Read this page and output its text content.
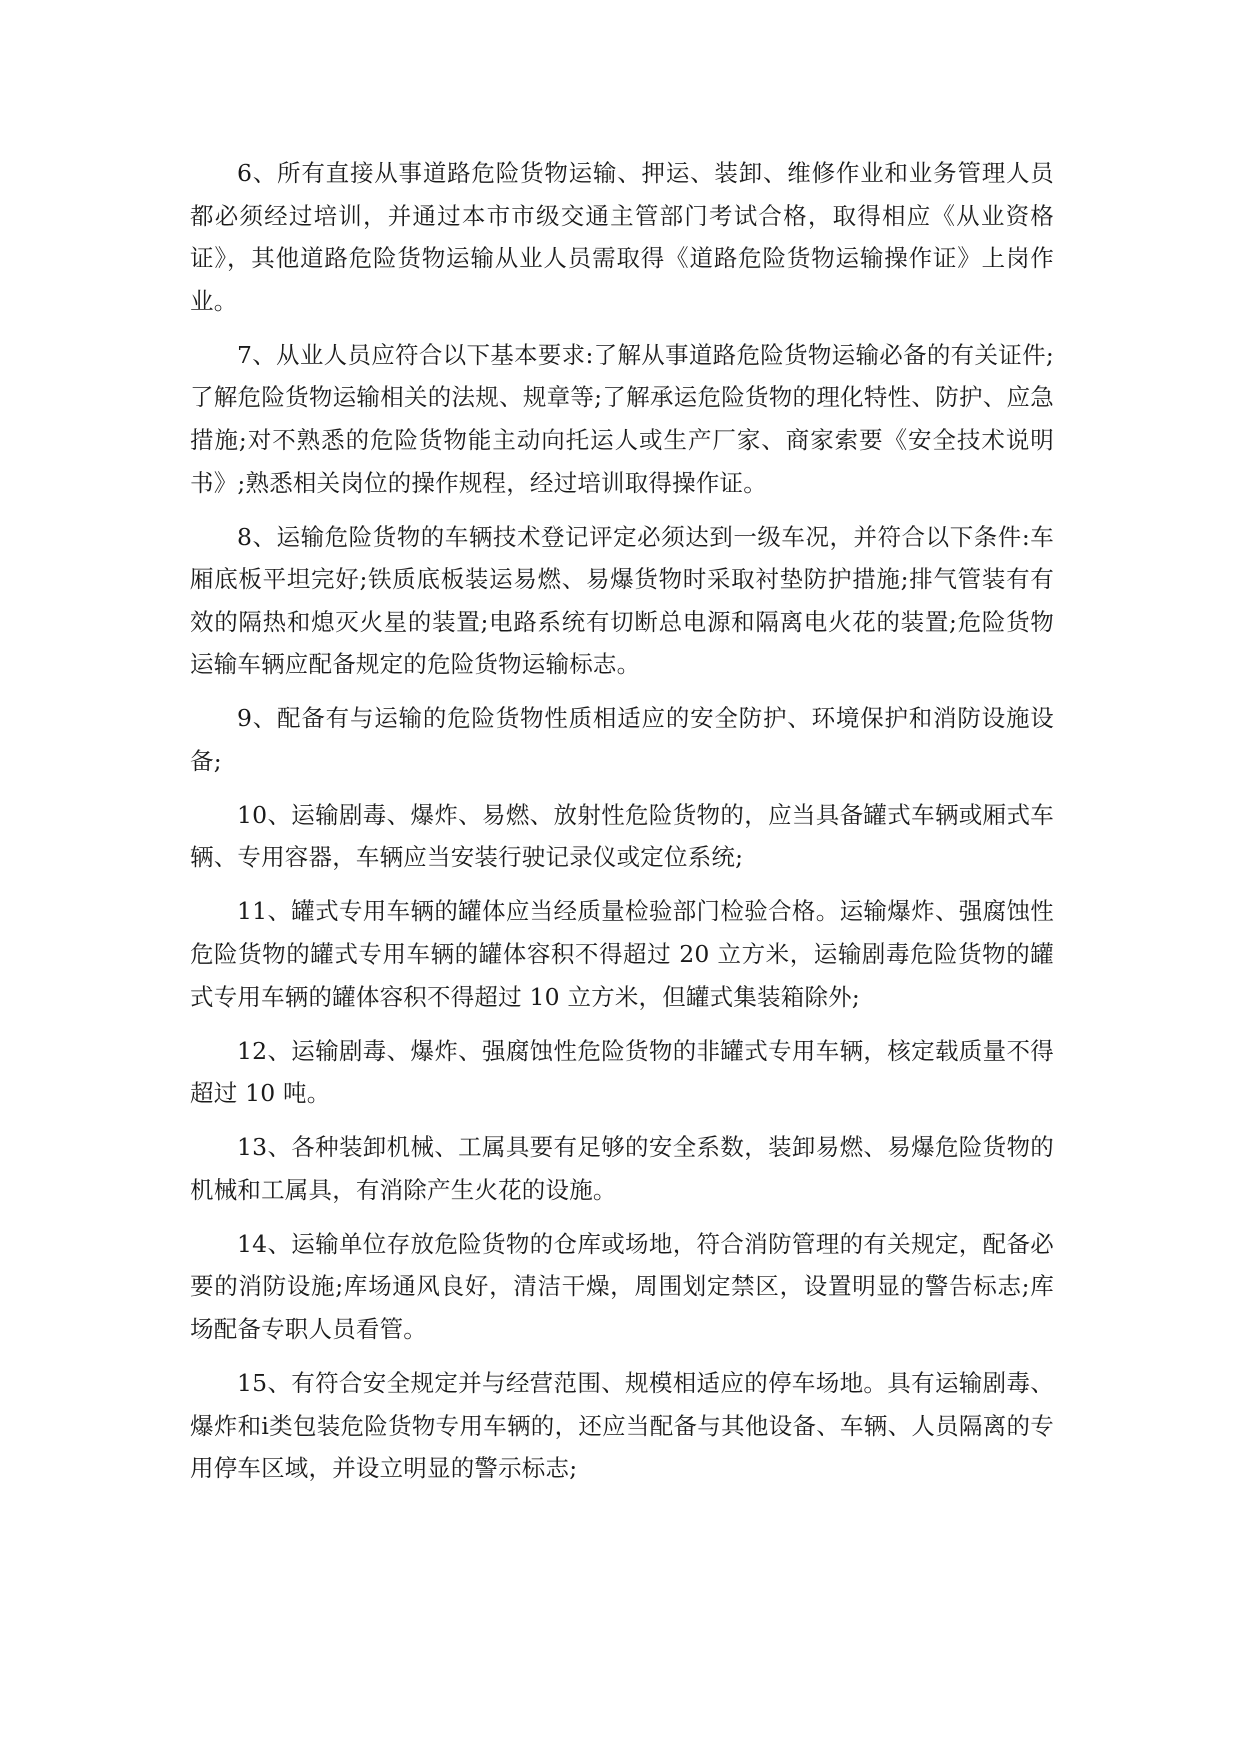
6、所有直接从事道路危险货物运输、押运、装卸、维修作业和业务管理人员都必须经过培训，并通过本市市级交通主管部门考试合格，取得相应《从业资格证》，其他道路危险货物运输从业人员需取得《道路危险货物运输操作证》上岗作业。

7、从业人员应符合以下基本要求:了解从事道路危险货物运输必备的有关证件;了解危险货物运输相关的法规、规章等;了解承运危险货物的理化特性、防护、应急措施;对不熟悉的危险货物能主动向托运人或生产厂家、商家索要《安全技术说明书》;熟悉相关岗位的操作规程，经过培训取得操作证。

8、运输危险货物的车辆技术登记评定必须达到一级车况，并符合以下条件:车厢底板平坦完好;铁质底板装运易燃、易爆货物时采取衬垫防护措施;排气管装有有效的隔热和熄灭火星的装置;电路系统有切断总电源和隔离电火花的装置;危险货物运输车辆应配备规定的危险货物运输标志。

9、配备有与运输的危险货物性质相适应的安全防护、环境保护和消防设施设备;

10、运输剧毒、爆炸、易燃、放射性危险货物的，应当具备罐式车辆或厢式车辆、专用容器，车辆应当安装行驶记录仪或定位系统;

11、罐式专用车辆的罐体应当经质量检验部门检验合格。运输爆炸、强腐蚀性危险货物的罐式专用车辆的罐体容积不得超过 20 立方米，运输剧毒危险货物的罐式专用车辆的罐体容积不得超过 10 立方米，但罐式集装箱除外;

12、运输剧毒、爆炸、强腐蚀性危险货物的非罐式专用车辆，核定载质量不得超过 10 吨。

13、各种装卸机械、工属具要有足够的安全系数，装卸易燃、易爆危险货物的机械和工属具，有消除产生火花的设施。

14、运输单位存放危险货物的仓库或场地，符合消防管理的有关规定，配备必要的消防设施;库场通风良好，清洁干燥，周围划定禁区，设置明显的警告标志;库场配备专职人员看管。

15、有符合安全规定并与经营范围、规模相适应的停车场地。具有运输剧毒、爆炸和ⅰ类包装危险货物专用车辆的，还应当配备与其他设备、车辆、人员隔离的专用停车区域，并设立明显的警示标志;
